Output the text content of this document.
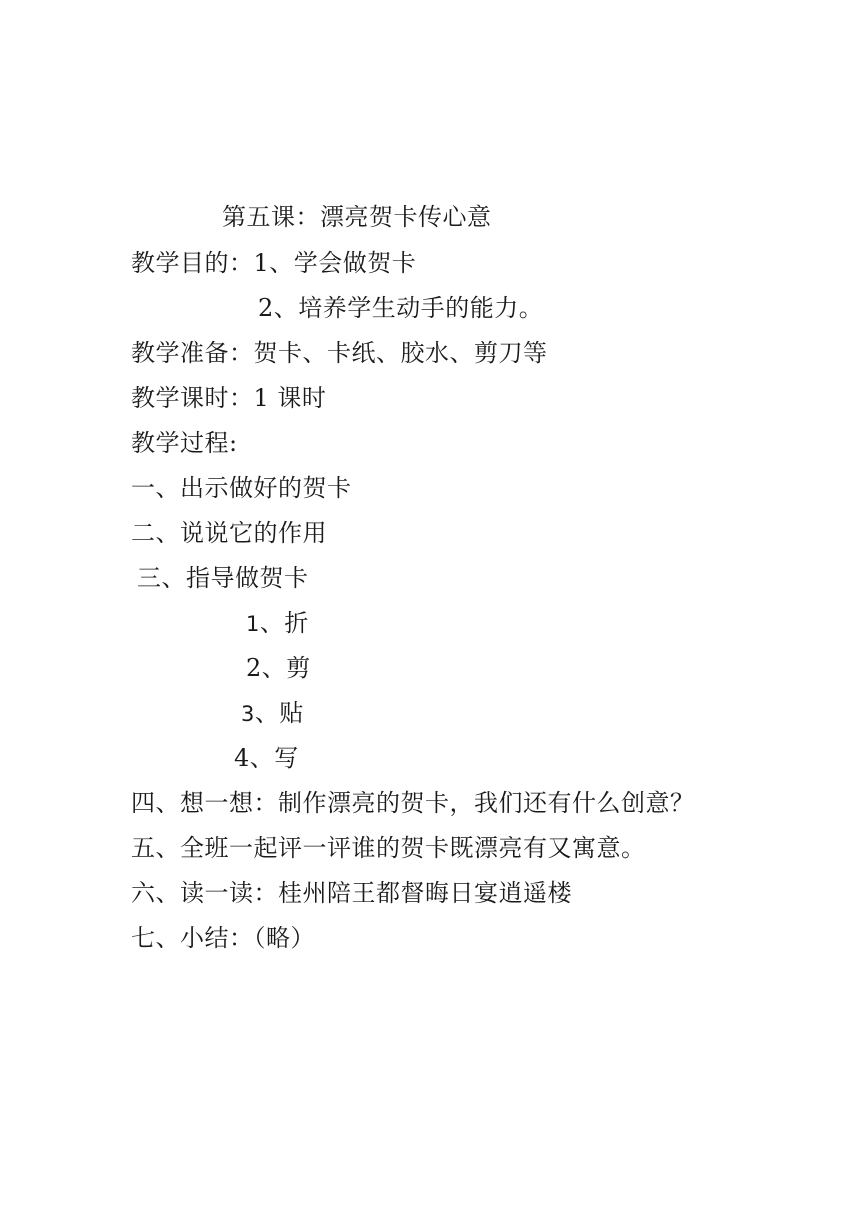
第五课：漂亮贺卡传心意
教学目的：1、学会做贺卡
2、培养学生动手的能力。
教学准备：贺卡、卡纸、胶水、剪刀等
教学课时：1 课时
教学过程:
一、出示做好的贺卡
二、说说它的作用
三、指导做贺卡
1、折
2、剪
3、贴
4、写
四、想一想：制作漂亮的贺卡，我们还有什么创意？
五、全班一起评一评谁的贺卡既漂亮有又寓意。
六、读一读：桂州陪王都督晦日宴逍遥楼
七、小结：（略）
